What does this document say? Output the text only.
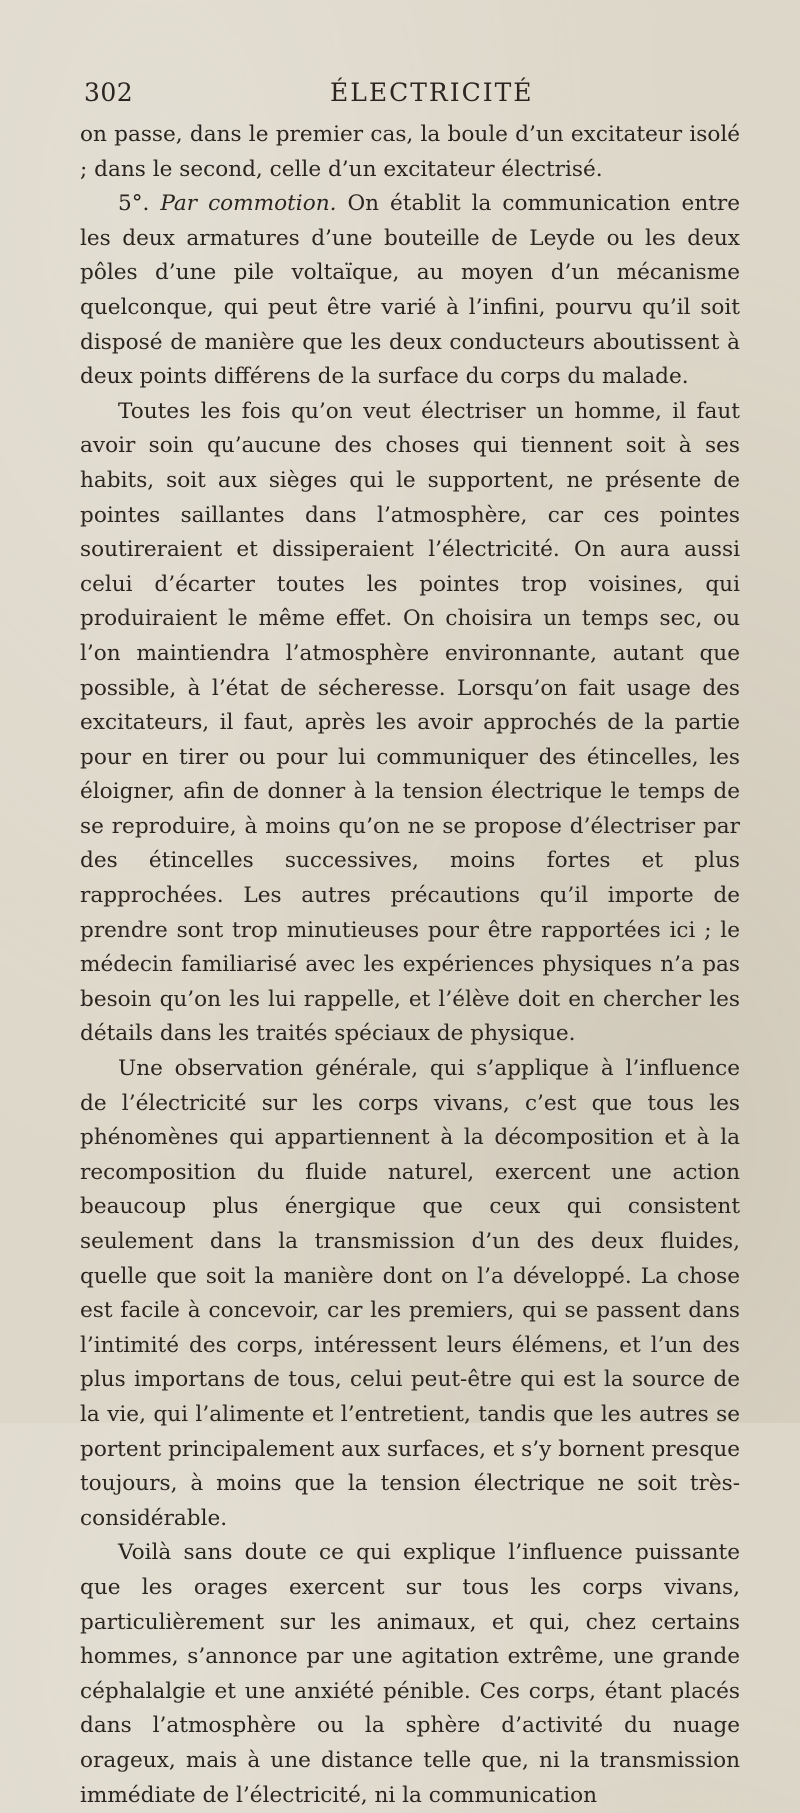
302	ÉLECTRICITÉ

on passe, dans le premier cas, la boule d’un excitateur isolé ; dans le second, celle d’un excitateur électrisé.

5°. Par commotion. On établit la communication entre les deux armatures d’une bouteille de Leyde ou les deux pôles d’une pile voltaïque, au moyen d’un mécanisme quelconque, qui peut être varié à l’infini, pourvu qu’il soit disposé de manière que les deux conducteurs aboutissent à deux points différens de la surface du corps du malade.

Toutes les fois qu’on veut électriser un homme, il faut avoir soin qu’aucune des choses qui tiennent soit à ses habits, soit aux sièges qui le supportent, ne présente de pointes saillantes dans l’atmosphère, car ces pointes soutireraient et dissiperaient l’électricité. On aura aussi celui d’écarter toutes les pointes trop voisines, qui produiraient le même effet. On choisira un temps sec, ou l’on maintiendra l’atmosphère environnante, autant que possible, à l’état de sécheresse. Lorsqu’on fait usage des excitateurs, il faut, après les avoir approchés de la partie pour en tirer ou pour lui communiquer des étincelles, les éloigner, afin de donner à la tension électrique le temps de se reproduire, à moins qu’on ne se propose d’électriser par des étincelles successives, moins fortes et plus rapprochées. Les autres précautions qu’il importe de prendre sont trop minutieuses pour être rapportées ici ; le médecin familiarisé avec les expériences physiques n’a pas besoin qu’on les lui rappelle, et l’élève doit en chercher les détails dans les traités spéciaux de physique.

Une observation générale, qui s’applique à l’influence de l’électricité sur les corps vivans, c’est que tous les phénomènes qui appartiennent à la décomposition et à la recomposition du fluide naturel, exercent une action beaucoup plus énergique que ceux qui consistent seulement dans la transmission d’un des deux fluides, quelle que soit la manière dont on l’a développé. La chose est facile à concevoir, car les premiers, qui se passent dans l’intimité des corps, intéressent leurs élémens, et l’un des plus importans de tous, celui peut-être qui est la source de la vie, qui l’alimente et l’entretient, tandis que les autres se portent principalement aux surfaces, et s’y bornent presque toujours, à moins que la tension électrique ne soit très-considérable.

Voilà sans doute ce qui explique l’influence puissante que les orages exercent sur tous les corps vivans, particulièrement sur les animaux, et qui, chez certains hommes, s’annonce par une agitation extrême, une grande céphalalgie et une anxiété pénible. Ces corps, étant placés dans l’atmosphère ou la sphère d’activité du nuage orageux, mais à une distance telle que, ni la transmission immédiate de l’électricité, ni la communication
